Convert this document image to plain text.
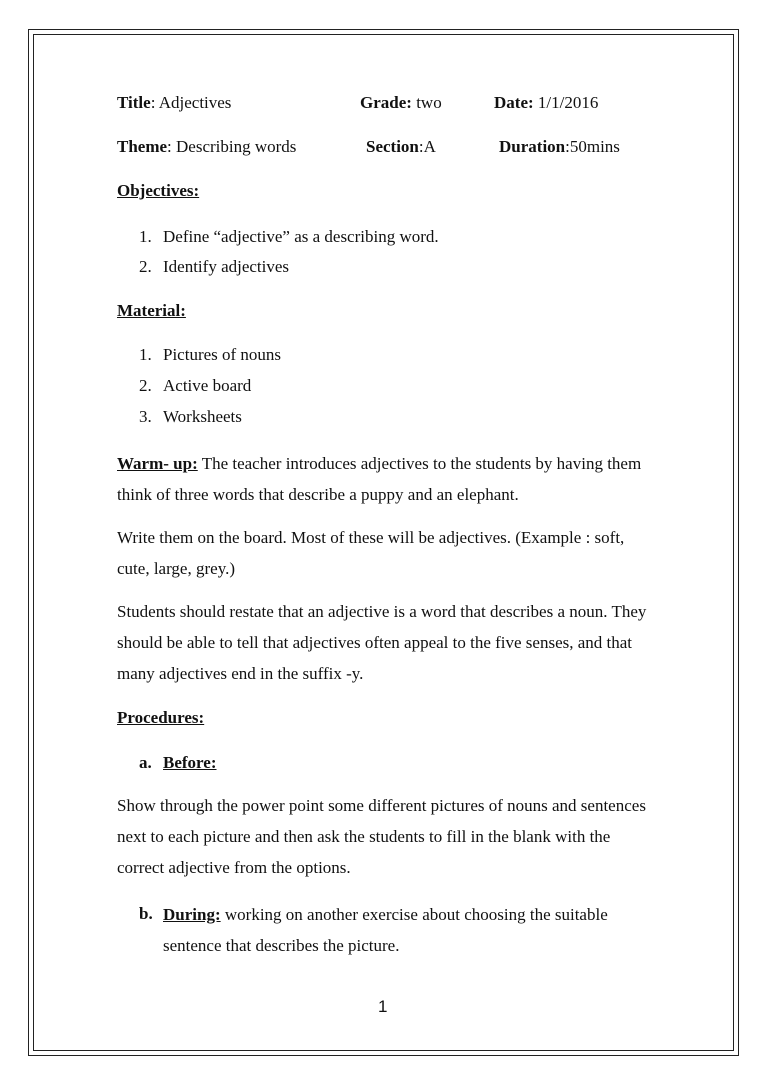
Title: Adjectives	Grade: two	Date: 1/1/2016
Theme: Describing words	Section:A	Duration:50mins
Objectives:
1. Define “adjective” as a describing word.
2. Identify adjectives
Material:
1. Pictures of nouns
2. Active board
3. Worksheets
Warm- up: The teacher introduces adjectives to the students by having them think of three words that describe a puppy and an elephant.
Write them on the board. Most of these will be adjectives. (Example : soft, cute, large, grey.)
Students should restate that an adjective is a word that describes a noun. They should be able to tell that adjectives often appeal to the five senses, and that many adjectives end in the suffix -y.
Procedures:
a. Before:
Show through the power point some different pictures of nouns and sentences next to each picture and then ask the students to fill in the blank with the correct adjective from the options.
b. During: working on another exercise about choosing the suitable sentence that describes the picture.
1
